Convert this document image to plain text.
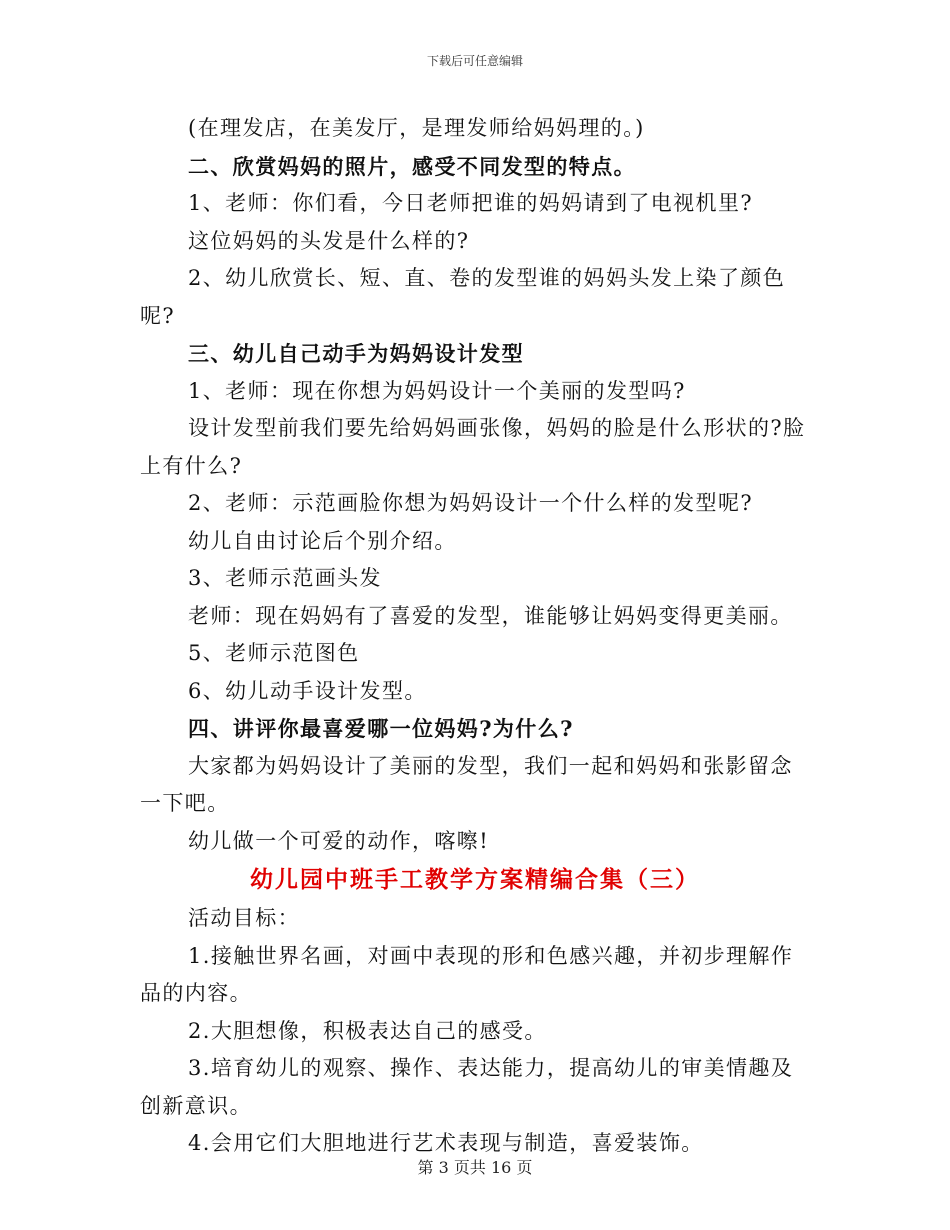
下载后可任意编辑

(在理发店，在美发厅，是理发师给妈妈理的。)

二、欣赏妈妈的照片，感受不同发型的特点。

1、老师：你们看，今日老师把谁的妈妈请到了电视机里?

这位妈妈的头发是什么样的?

2、幼儿欣赏长、短、直、卷的发型谁的妈妈头发上染了颜色呢?

三、幼儿自己动手为妈妈设计发型

1、老师：现在你想为妈妈设计一个美丽的发型吗?

设计发型前我们要先给妈妈画张像，妈妈的脸是什么形状的?脸上有什么?

2、老师：示范画脸你想为妈妈设计一个什么样的发型呢?

幼儿自由讨论后个别介绍。

3、老师示范画头发

老师：现在妈妈有了喜爱的发型，谁能够让妈妈变得更美丽。

5、老师示范图色

6、幼儿动手设计发型。

四、讲评你最喜爱哪一位妈妈?为什么?

大家都为妈妈设计了美丽的发型，我们一起和妈妈和张影留念一下吧。

幼儿做一个可爱的动作，喀嚓!

幼儿园中班手工教学方案精编合集（三）

活动目标：

1.接触世界名画，对画中表现的形和色感兴趣，并初步理解作品的内容。

2.大胆想像，积极表达自己的感受。

3.培育幼儿的观察、操作、表达能力，提高幼儿的审美情趣及创新意识。

4.会用它们大胆地进行艺术表现与制造，喜爱装饰。

第 3 页共 16 页
